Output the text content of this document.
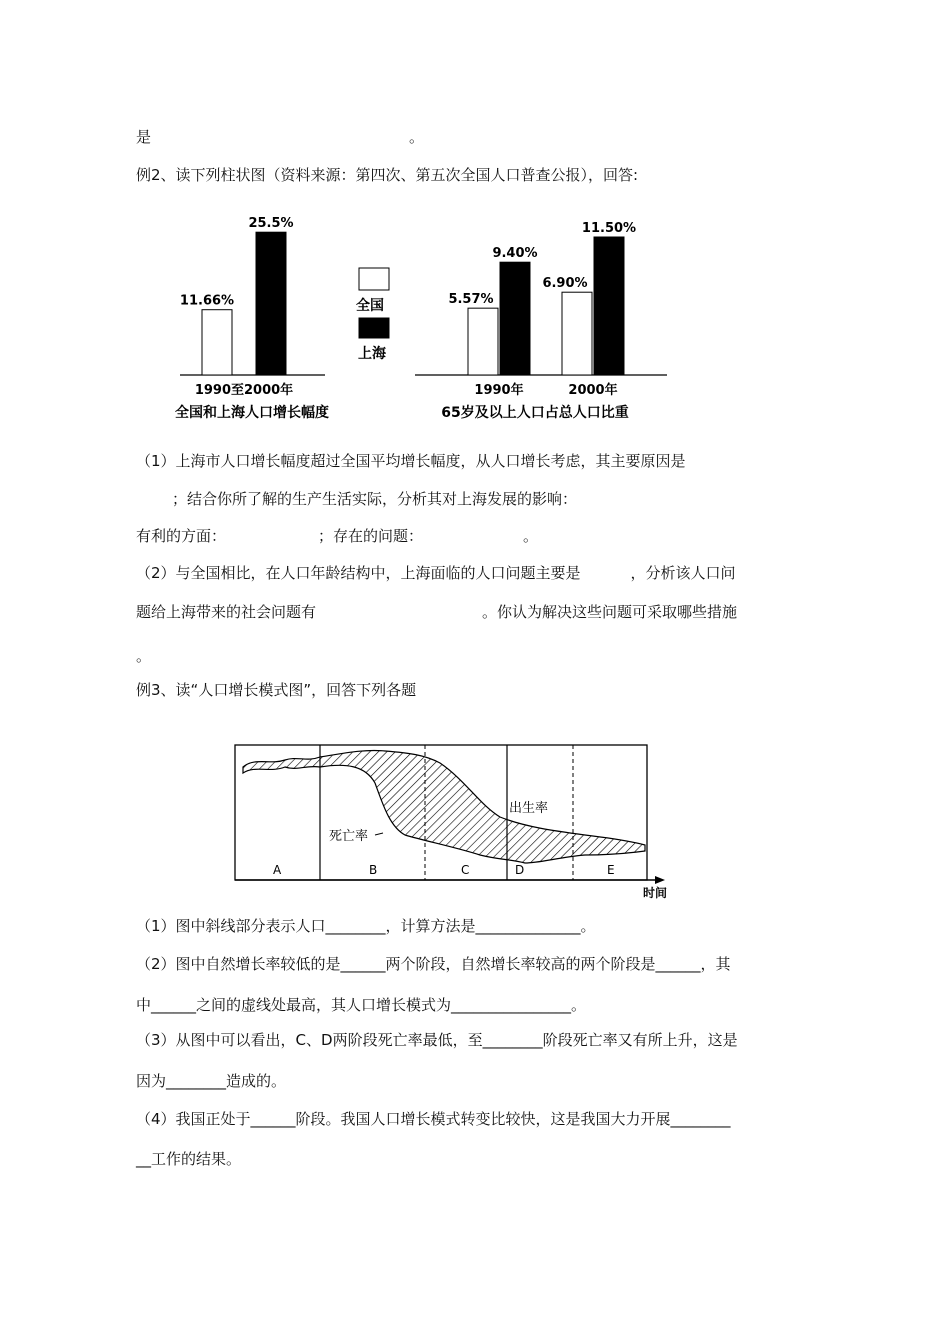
是	。
例2、读下列柱状图（资料来源：第四次、第五次全国人口普查公报），回答:
11.66%
25.5%
1990至2000年
全国和上海人口增长幅度
全国
上海
5.57%
9.40%
1990年
6.90%
11.50%
2000年
65岁及以上人口占总人口比重
（1）上海市人口增长幅度超过全国平均增长幅度，从人口增长考虑，其主要原因是
；结合你所了解的生产生活实际，分析其对上海发展的影响：
有利的方面：	；存在的问题：	。
（2）与全国相比，在人口年龄结构中，上海面临的人口问题主要是	，分析该人口问
题给上海带来的社会问题有	。你认为解决这些问题可采取哪些措施
。
例3、读“人口增长模式图”，回答下列各题
出生率
死亡率
A	B	C	D	E
时间
（1）图中斜线部分表示人口________，计算方法是______________。
（2）图中自然增长率较低的是______两个阶段，自然增长率较高的两个阶段是______，其
中______之间的虚线处最高，其人口增长模式为________________。
（3）从图中可以看出，C、D两阶段死亡率最低，至________阶段死亡率又有所上升，这是
因为________造成的。
（4）我国正处于______阶段。我国人口增长模式转变比较快，这是我国大力开展________
__工作的结果。
